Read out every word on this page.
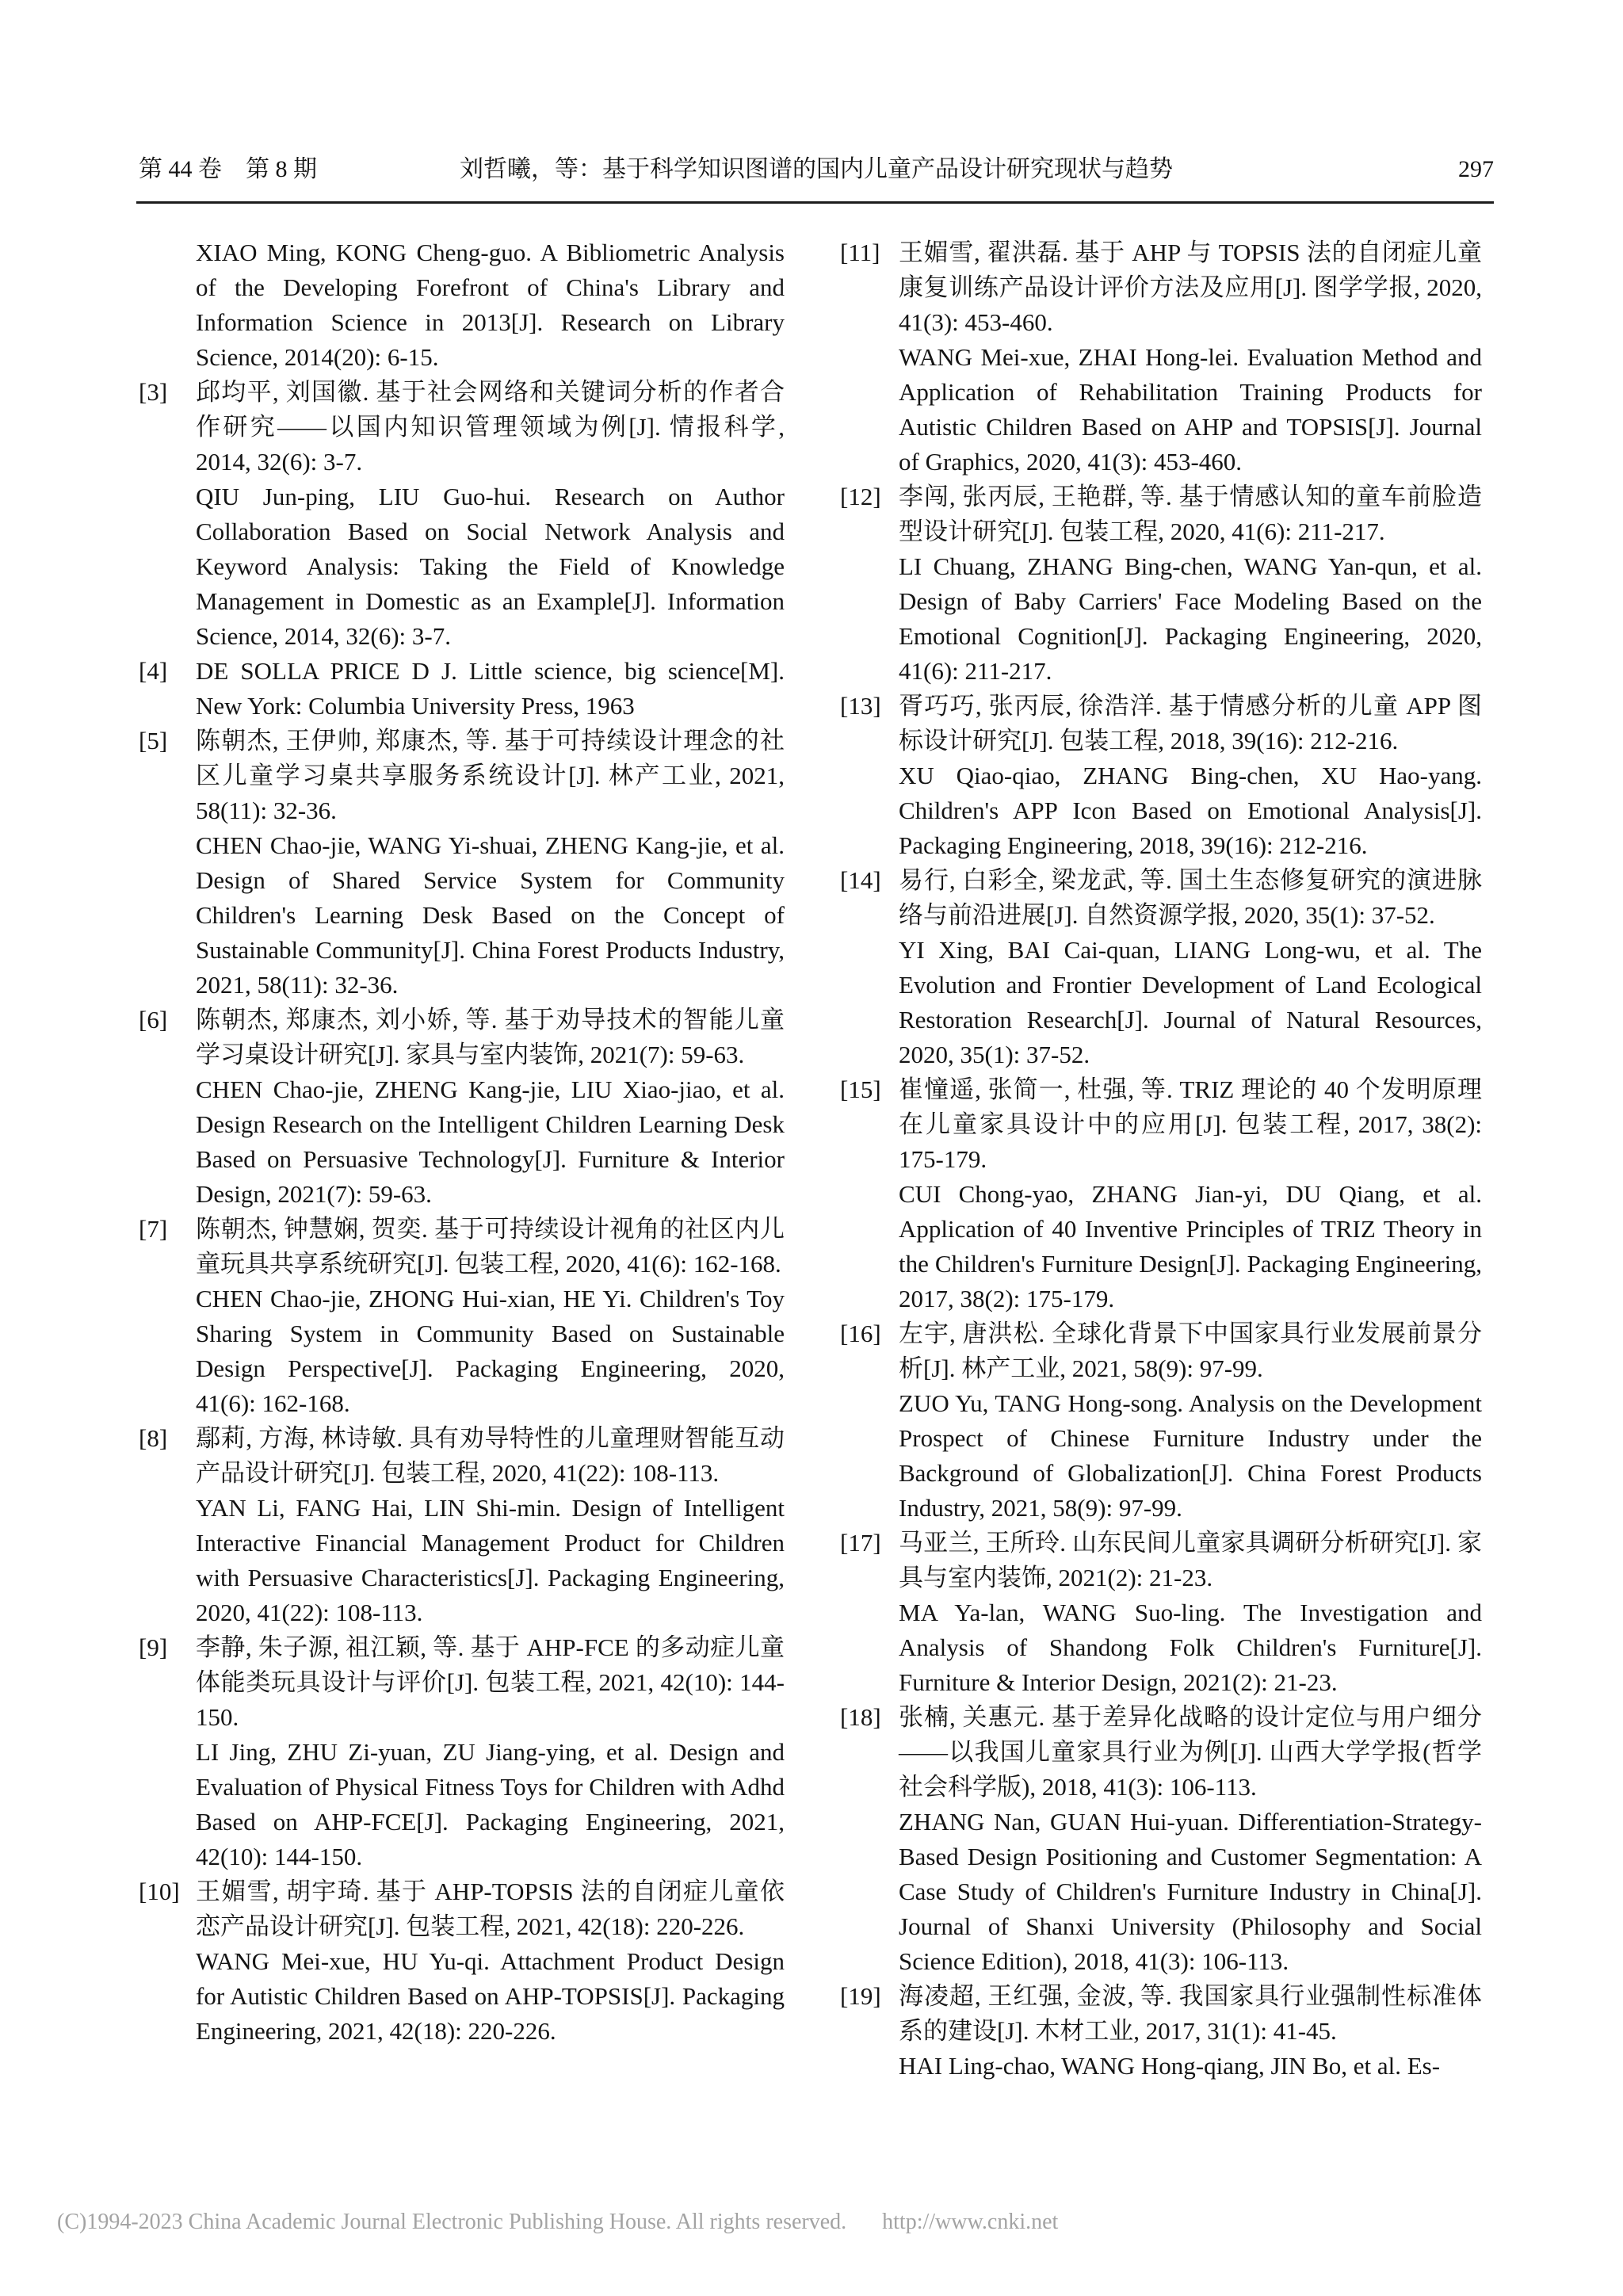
第 44 卷　第 8 期	刘哲曦，等：基于科学知识图谱的国内儿童产品设计研究现状与趋势	297

XIAO Ming, KONG Cheng-guo. A Bibliometric Analysis of the Developing Forefront of China's Library and Information Science in 2013[J]. Research on Library Science, 2014(20): 6-15.

[3] 邱均平, 刘国徽. 基于社会网络和关键词分析的作者合作研究——以国内知识管理领域为例[J]. 情报科学, 2014, 32(6): 3-7.

QIU Jun-ping, LIU Guo-hui. Research on Author Collaboration Based on Social Network Analysis and Keyword Analysis: Taking the Field of Knowledge Management in Domestic as an Example[J]. Information Science, 2014, 32(6): 3-7.

[4] DE SOLLA PRICE D J. Little science, big science[M]. New York: Columbia University Press, 1963

[5] 陈朝杰, 王伊帅, 郑康杰, 等. 基于可持续设计理念的社区儿童学习桌共享服务系统设计[J]. 林产工业, 2021, 58(11): 32-36.

CHEN Chao-jie, WANG Yi-shuai, ZHENG Kang-jie, et al. Design of Shared Service System for Community Children's Learning Desk Based on the Concept of Sustainable Community[J]. China Forest Products Industry, 2021, 58(11): 32-36.

[6] 陈朝杰, 郑康杰, 刘小娇, 等. 基于劝导技术的智能儿童学习桌设计研究[J]. 家具与室内装饰, 2021(7): 59-63.

CHEN Chao-jie, ZHENG Kang-jie, LIU Xiao-jiao, et al. Design Research on the Intelligent Children Learning Desk Based on Persuasive Technology[J]. Furniture & Interior Design, 2021(7): 59-63.

[7] 陈朝杰, 钟慧娴, 贺奕. 基于可持续设计视角的社区内儿童玩具共享系统研究[J]. 包装工程, 2020, 41(6): 162-168.

CHEN Chao-jie, ZHONG Hui-xian, HE Yi. Children's Toy Sharing System in Community Based on Sustainable Design Perspective[J]. Packaging Engineering, 2020, 41(6): 162-168.

[8] 鄢莉, 方海, 林诗敏. 具有劝导特性的儿童理财智能互动产品设计研究[J]. 包装工程, 2020, 41(22): 108-113.

YAN Li, FANG Hai, LIN Shi-min. Design of Intelligent Interactive Financial Management Product for Children with Persuasive Characteristics[J]. Packaging Engineering, 2020, 41(22): 108-113.

[9] 李静, 朱子源, 祖江颖, 等. 基于 AHP-FCE 的多动症儿童体能类玩具设计与评价[J]. 包装工程, 2021, 42(10): 144-150.

LI Jing, ZHU Zi-yuan, ZU Jiang-ying, et al. Design and Evaluation of Physical Fitness Toys for Children with Adhd Based on AHP-FCE[J]. Packaging Engineering, 2021, 42(10): 144-150.

[10] 王媚雪, 胡宇琦. 基于 AHP-TOPSIS 法的自闭症儿童依恋产品设计研究[J]. 包装工程, 2021, 42(18): 220-226.

WANG Mei-xue, HU Yu-qi. Attachment Product Design for Autistic Children Based on AHP-TOPSIS[J]. Packaging Engineering, 2021, 42(18): 220-226.

[11] 王媚雪, 翟洪磊. 基于 AHP 与 TOPSIS 法的自闭症儿童康复训练产品设计评价方法及应用[J]. 图学学报, 2020, 41(3): 453-460.

WANG Mei-xue, ZHAI Hong-lei. Evaluation Method and Application of Rehabilitation Training Products for Autistic Children Based on AHP and TOPSIS[J]. Journal of Graphics, 2020, 41(3): 453-460.

[12] 李闯, 张丙辰, 王艳群, 等. 基于情感认知的童车前脸造型设计研究[J]. 包装工程, 2020, 41(6): 211-217.

LI Chuang, ZHANG Bing-chen, WANG Yan-qun, et al. Design of Baby Carriers' Face Modeling Based on the Emotional Cognition[J]. Packaging Engineering, 2020, 41(6): 211-217.

[13] 胥巧巧, 张丙辰, 徐浩洋. 基于情感分析的儿童 APP 图标设计研究[J]. 包装工程, 2018, 39(16): 212-216.

XU Qiao-qiao, ZHANG Bing-chen, XU Hao-yang. Children's APP Icon Based on Emotional Analysis[J]. Packaging Engineering, 2018, 39(16): 212-216.

[14] 易行, 白彩全, 梁龙武, 等. 国土生态修复研究的演进脉络与前沿进展[J]. 自然资源学报, 2020, 35(1): 37-52.

YI Xing, BAI Cai-quan, LIANG Long-wu, et al. The Evolution and Frontier Development of Land Ecological Restoration Research[J]. Journal of Natural Resources, 2020, 35(1): 37-52.

[15] 崔憧遥, 张简一, 杜强, 等. TRIZ 理论的 40 个发明原理在儿童家具设计中的应用[J]. 包装工程, 2017, 38(2): 175-179.

CUI Chong-yao, ZHANG Jian-yi, DU Qiang, et al. Application of 40 Inventive Principles of TRIZ Theory in the Children's Furniture Design[J]. Packaging Engineering, 2017, 38(2): 175-179.

[16] 左宇, 唐洪松. 全球化背景下中国家具行业发展前景分析[J]. 林产工业, 2021, 58(9): 97-99.

ZUO Yu, TANG Hong-song. Analysis on the Development Prospect of Chinese Furniture Industry under the Background of Globalization[J]. China Forest Products Industry, 2021, 58(9): 97-99.

[17] 马亚兰, 王所玲. 山东民间儿童家具调研分析研究[J]. 家具与室内装饰, 2021(2): 21-23.

MA Ya-lan, WANG Suo-ling. The Investigation and Analysis of Shandong Folk Children's Furniture[J]. Furniture & Interior Design, 2021(2): 21-23.

[18] 张楠, 关惠元. 基于差异化战略的设计定位与用户细分——以我国儿童家具行业为例[J]. 山西大学学报(哲学社会科学版), 2018, 41(3): 106-113.

ZHANG Nan, GUAN Hui-yuan. Differentiation-Strategy-Based Design Positioning and Customer Segmentation: A Case Study of Children's Furniture Industry in China[J]. Journal of Shanxi University (Philosophy and Social Science Edition), 2018, 41(3): 106-113.

[19] 海凌超, 王红强, 金波, 等. 我国家具行业强制性标准体系的建设[J]. 木材工业, 2017, 31(1): 41-45.

HAI Ling-chao, WANG Hong-qiang, JIN Bo, et al. Es-

(C)1994-2023 China Academic Journal Electronic Publishing House. All rights reserved. http://www.cnki.net
